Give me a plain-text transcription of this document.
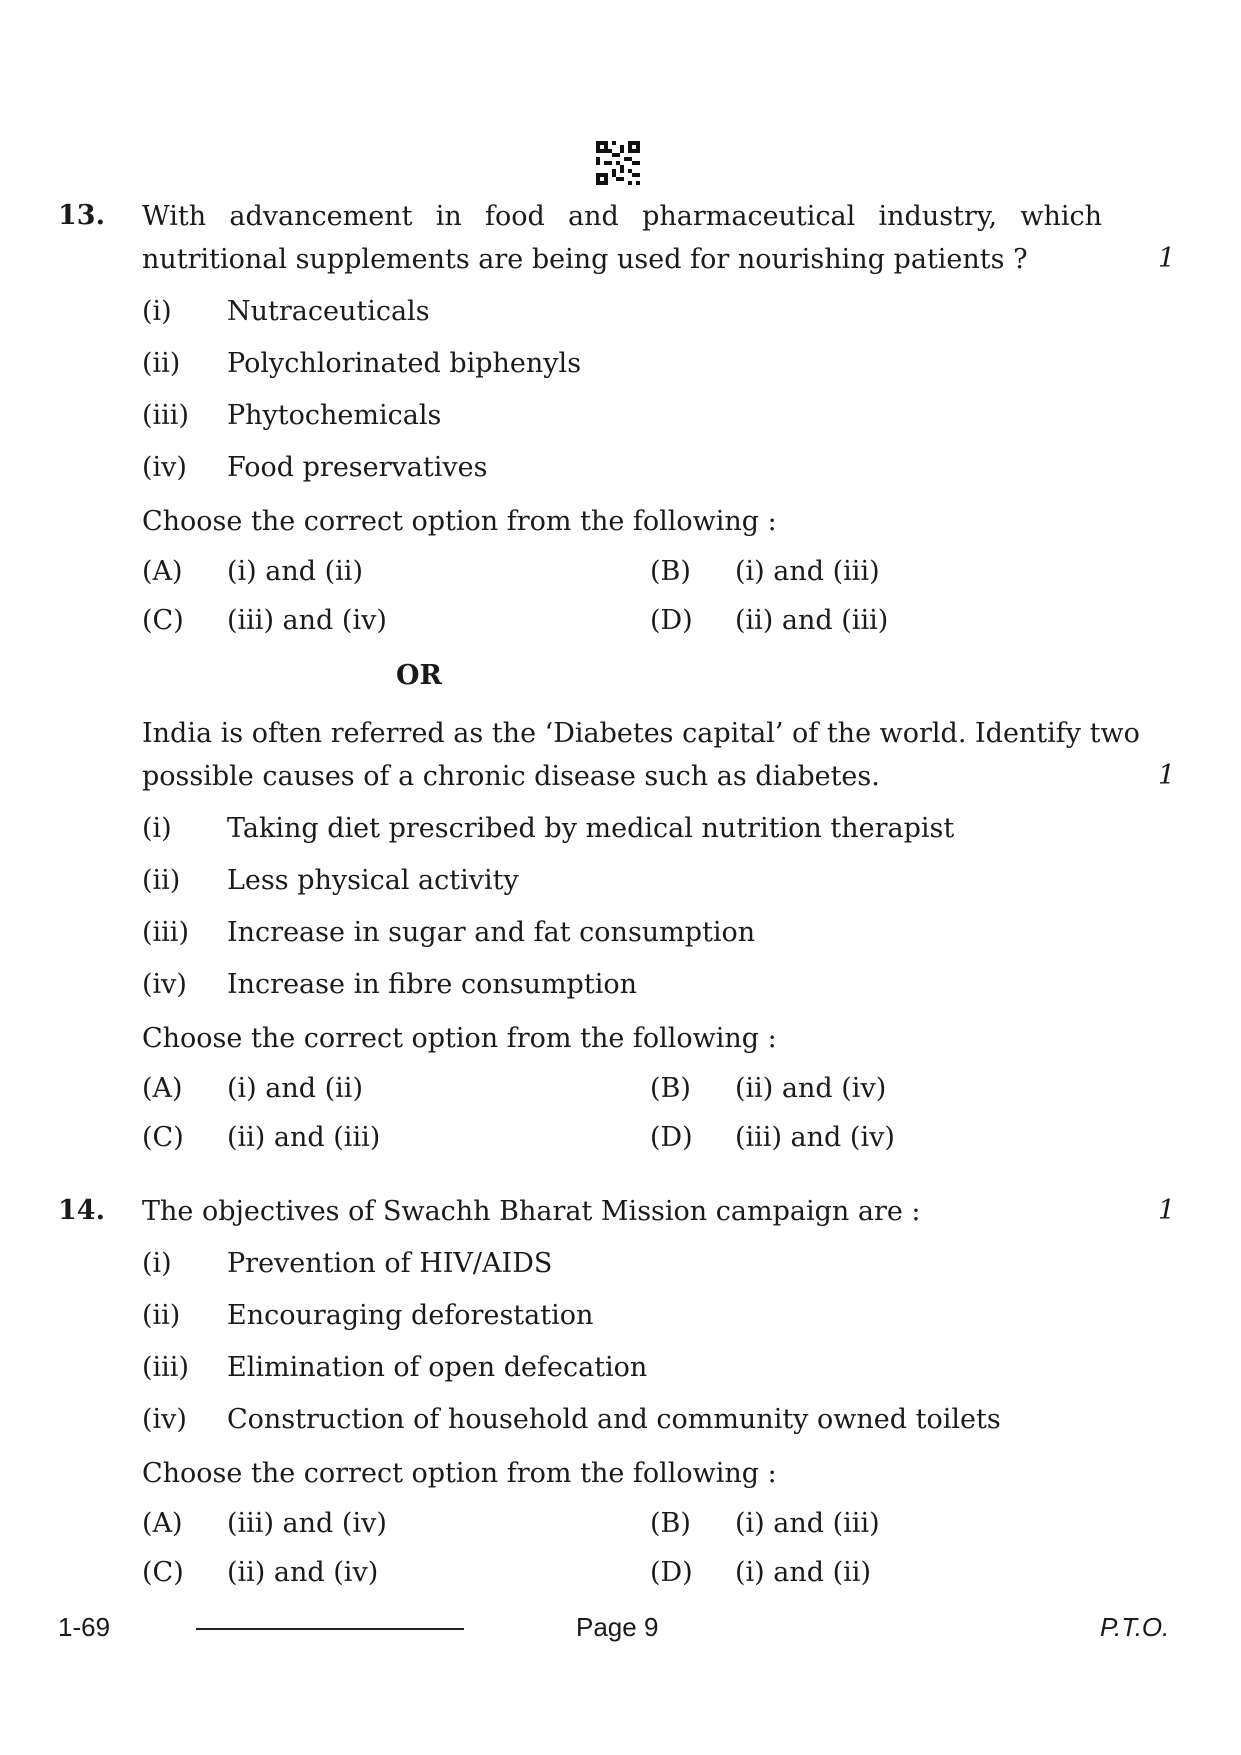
13. With advancement in food and pharmaceutical industry, which
nutritional supplements are being used for nourishing patients ?	1
(i) Nutraceuticals
(ii) Polychlorinated biphenyls
(iii) Phytochemicals
(iv) Food preservatives
Choose the correct option from the following :
(A) (i) and (ii)	(B) (i) and (iii)
(C) (iii) and (iv)	(D) (ii) and (iii)
OR
India is often referred as the ‘Diabetes capital’ of the world. Identify two
possible causes of a chronic disease such as diabetes.	1
(i) Taking diet prescribed by medical nutrition therapist
(ii) Less physical activity
(iii) Increase in sugar and fat consumption
(iv) Increase in fibre consumption
Choose the correct option from the following :
(A) (i) and (ii)	(B) (ii) and (iv)
(C) (ii) and (iii)	(D) (iii) and (iv)
14. The objectives of Swachh Bharat Mission campaign are :	1
(i) Prevention of HIV/AIDS
(ii) Encouraging deforestation
(iii) Elimination of open defecation
(iv) Construction of household and community owned toilets
Choose the correct option from the following :
(A) (iii) and (iv)	(B) (i) and (iii)
(C) (ii) and (iv)	(D) (i) and (ii)
1-69	Page 9	P.T.O.
